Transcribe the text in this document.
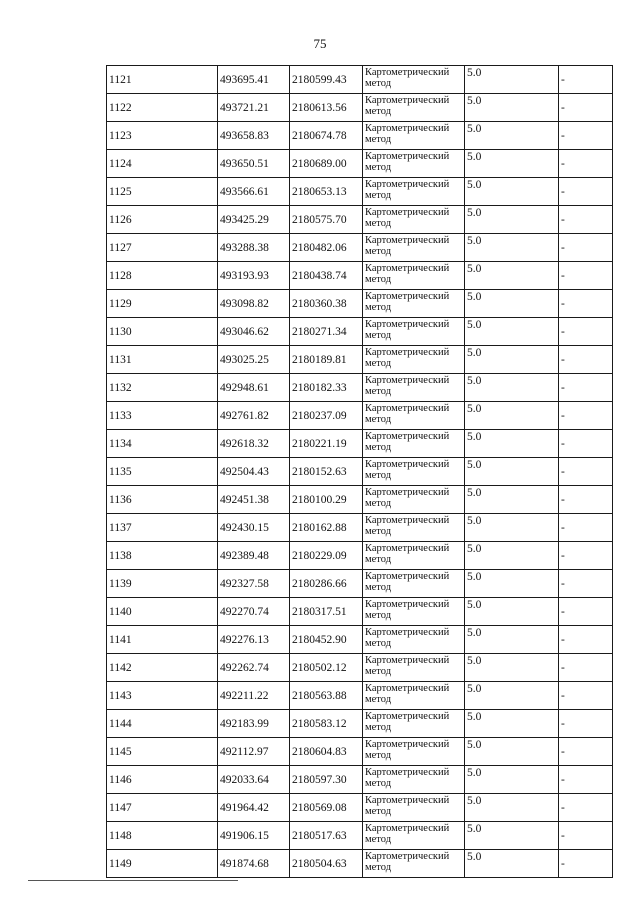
75
1121	493695.41	2180599.43	Картометрический метод	5.0	-
1122	493721.21	2180613.56	Картометрический метод	5.0	-
1123	493658.83	2180674.78	Картометрический метод	5.0	-
1124	493650.51	2180689.00	Картометрический метод	5.0	-
1125	493566.61	2180653.13	Картометрический метод	5.0	-
1126	493425.29	2180575.70	Картометрический метод	5.0	-
1127	493288.38	2180482.06	Картометрический метод	5.0	-
1128	493193.93	2180438.74	Картометрический метод	5.0	-
1129	493098.82	2180360.38	Картометрический метод	5.0	-
1130	493046.62	2180271.34	Картометрический метод	5.0	-
1131	493025.25	2180189.81	Картометрический метод	5.0	-
1132	492948.61	2180182.33	Картометрический метод	5.0	-
1133	492761.82	2180237.09	Картометрический метод	5.0	-
1134	492618.32	2180221.19	Картометрический метод	5.0	-
1135	492504.43	2180152.63	Картометрический метод	5.0	-
1136	492451.38	2180100.29	Картометрический метод	5.0	-
1137	492430.15	2180162.88	Картометрический метод	5.0	-
1138	492389.48	2180229.09	Картометрический метод	5.0	-
1139	492327.58	2180286.66	Картометрический метод	5.0	-
1140	492270.74	2180317.51	Картометрический метод	5.0	-
1141	492276.13	2180452.90	Картометрический метод	5.0	-
1142	492262.74	2180502.12	Картометрический метод	5.0	-
1143	492211.22	2180563.88	Картометрический метод	5.0	-
1144	492183.99	2180583.12	Картометрический метод	5.0	-
1145	492112.97	2180604.83	Картометрический метод	5.0	-
1146	492033.64	2180597.30	Картометрический метод	5.0	-
1147	491964.42	2180569.08	Картометрический метод	5.0	-
1148	491906.15	2180517.63	Картометрический метод	5.0	-
1149	491874.68	2180504.63	Картометрический метод	5.0	-
